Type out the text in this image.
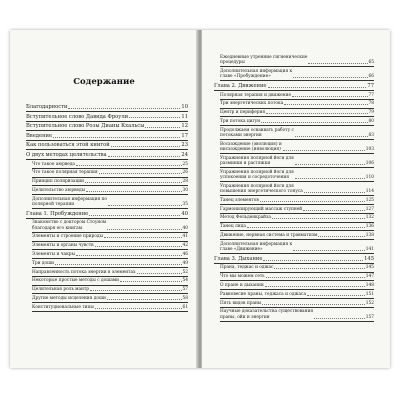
Содержание
Благодарности	10
Вступительное слово Давида Фроули	11
Вступительное слово Розы Дианы Кхальсы	12
Введение	17
Как пользоваться этой книгой	23
О двух методах целительства	24
Что такое аюрведа	25
Что такое полярная терапия	26
Принцип поляризации	28
Целительство аюрведы	30
Дополнительная информация по
полярной терапии	35
Глава 1. Пробуждение	40
Знакомство с доктором Стоуном
благодаря его книгам	40
Элементы и строение природы	41
Элементы и органы чувств	42
Элементы и чакры	46
Три доши	49
Направленность потока энергии в элементах	52
Некоторые простые методы с дошами	54
Целительная роль мантр	57
Другие методы исцеления доши	58
Конституциональные типы	61
Ежедневные утренние гигиенические
процедуры	65
Дополнительная информация к
главе «Пробуждение»	66
Глава 2. Движение	77
Полярная терапия и движение	77
Три энергетических потока	78
Центр и периферия	79
Три потока цигун	80
Продолжаем осваивать работу с
потоками энергии	83
Восхождение (эволюция) и
нисхождение (инволюция)	103
Упражнения полярной йоги для
разминки и растяжки	106
Упражнения полярной йоги для
успокоения и сосредоточения	110
Упражнения полярной йоги для
повышения энергетического тонуса	114
Танец элементов	125
Гармонизирующий массаж ступней	127
Метод Фельденкрайза	132
Танец лица	136
Движение, нервная система и травматизм	138
Дополнительная информация к
главе «Движение»	141
Глава 3. Дыхание	145
Прана, теджас и оджас	145
Что мы можем сеть	147
О пране и дыхании	148
Равновесие праны, теджаса и оджаса	151
Пять видов праны	152
Научные доказательства существования
праны, ойи и энергии	157
